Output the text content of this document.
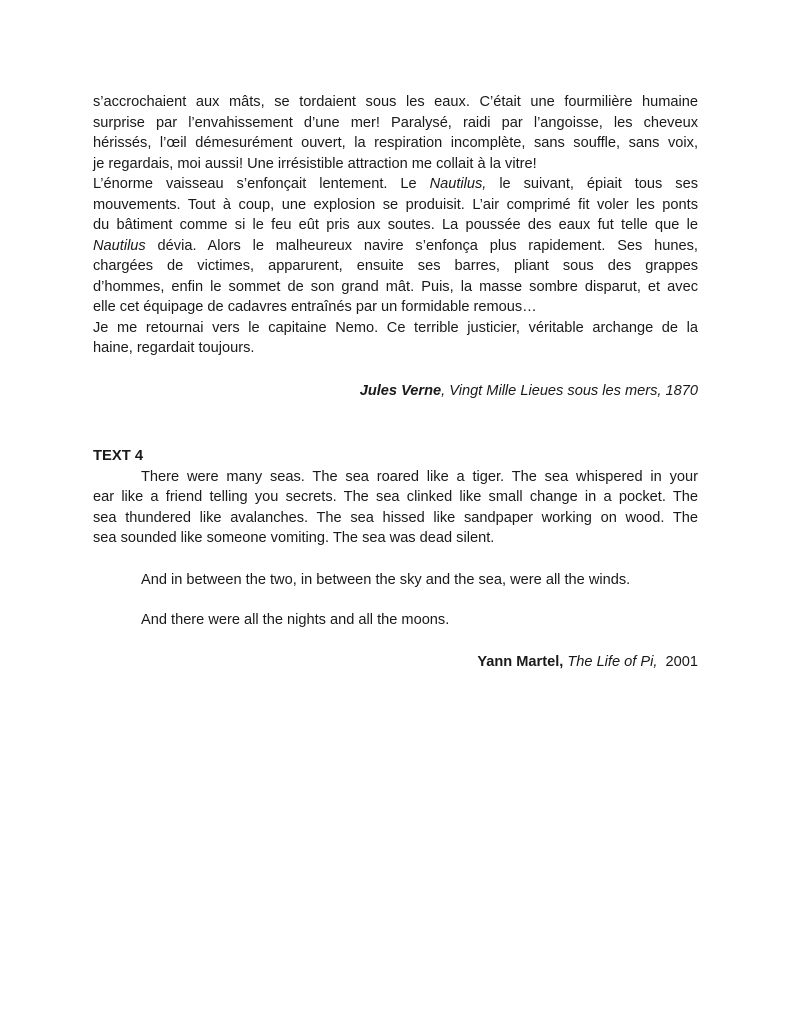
s’accrochaient aux mâts, se tordaient sous les eaux. C’était une fourmilière humaine
surprise par l’envahissement d’une mer! Paralysé, raidi par l’angoisse, les cheveux
hérissés, l’œil démesurément ouvert, la respiration incomplète, sans souffle, sans voix,
je regardais, moi aussi! Une irrésistible attraction me collait à la vitre!
L’énorme vaisseau s’enfonçait lentement. Le Nautilus, le suivant, épiait tous ses
mouvements. Tout à coup, une explosion se produisit. L’air comprimé fit voler les ponts
du bâtiment comme si le feu eût pris aux soutes. La poussée des eaux fut telle que le
Nautilus dévia. Alors le malheureux navire s’enfonça plus rapidement. Ses hunes,
chargées de victimes, apparurent, ensuite ses barres, pliant sous des grappes
d’hommes, enfin le sommet de son grand mât. Puis, la masse sombre disparut, et avec
elle cet équipage de cadavres entraînés par un formidable remous…
Je me retournai vers le capitaine Nemo. Ce terrible justicier, véritable archange de la
haine, regardait toujours.
Jules Verne, Vingt Mille Lieues sous les mers, 1870
TEXT 4
There were many seas. The sea roared like a tiger. The sea whispered in your
ear like a friend telling you secrets. The sea clinked like small change in a pocket. The
sea thundered like avalanches. The sea hissed like sandpaper working on wood. The
sea sounded like someone vomiting. The sea was dead silent.
And in between the two, in between the sky and the sea, were all the winds.
And there were all the nights and all the moons.
Yann Martel, The Life of Pi,  2001
